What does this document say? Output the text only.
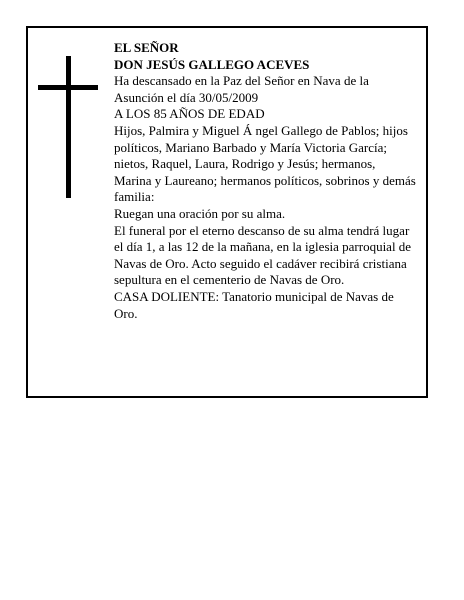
EL SEÑOR

DON JESÚS GALLEGO ACEVES

Ha descansado en la Paz del Señor en Nava de la Asunción el día 30/05/2009

A LOS 85 AÑOS DE EDAD

Hijos, Palmira y Miguel Á ngel Gallego de Pablos; hijos políticos, Mariano Barbado y María Victoria García; nietos, Raquel, Laura, Rodrigo y Jesús; hermanos, Marina y Laureano; hermanos políticos, sobrinos y demás familia:

Ruegan una oración por su alma.

El funeral por el eterno descanso de su alma tendrá lugar el día 1, a las 12 de la mañana, en la iglesia parroquial de Navas de Oro. Acto seguido el cadáver recibirá cristiana sepultura en el cementerio de Navas de Oro.

CASA DOLIENTE: Tanatorio municipal de Navas de Oro.
